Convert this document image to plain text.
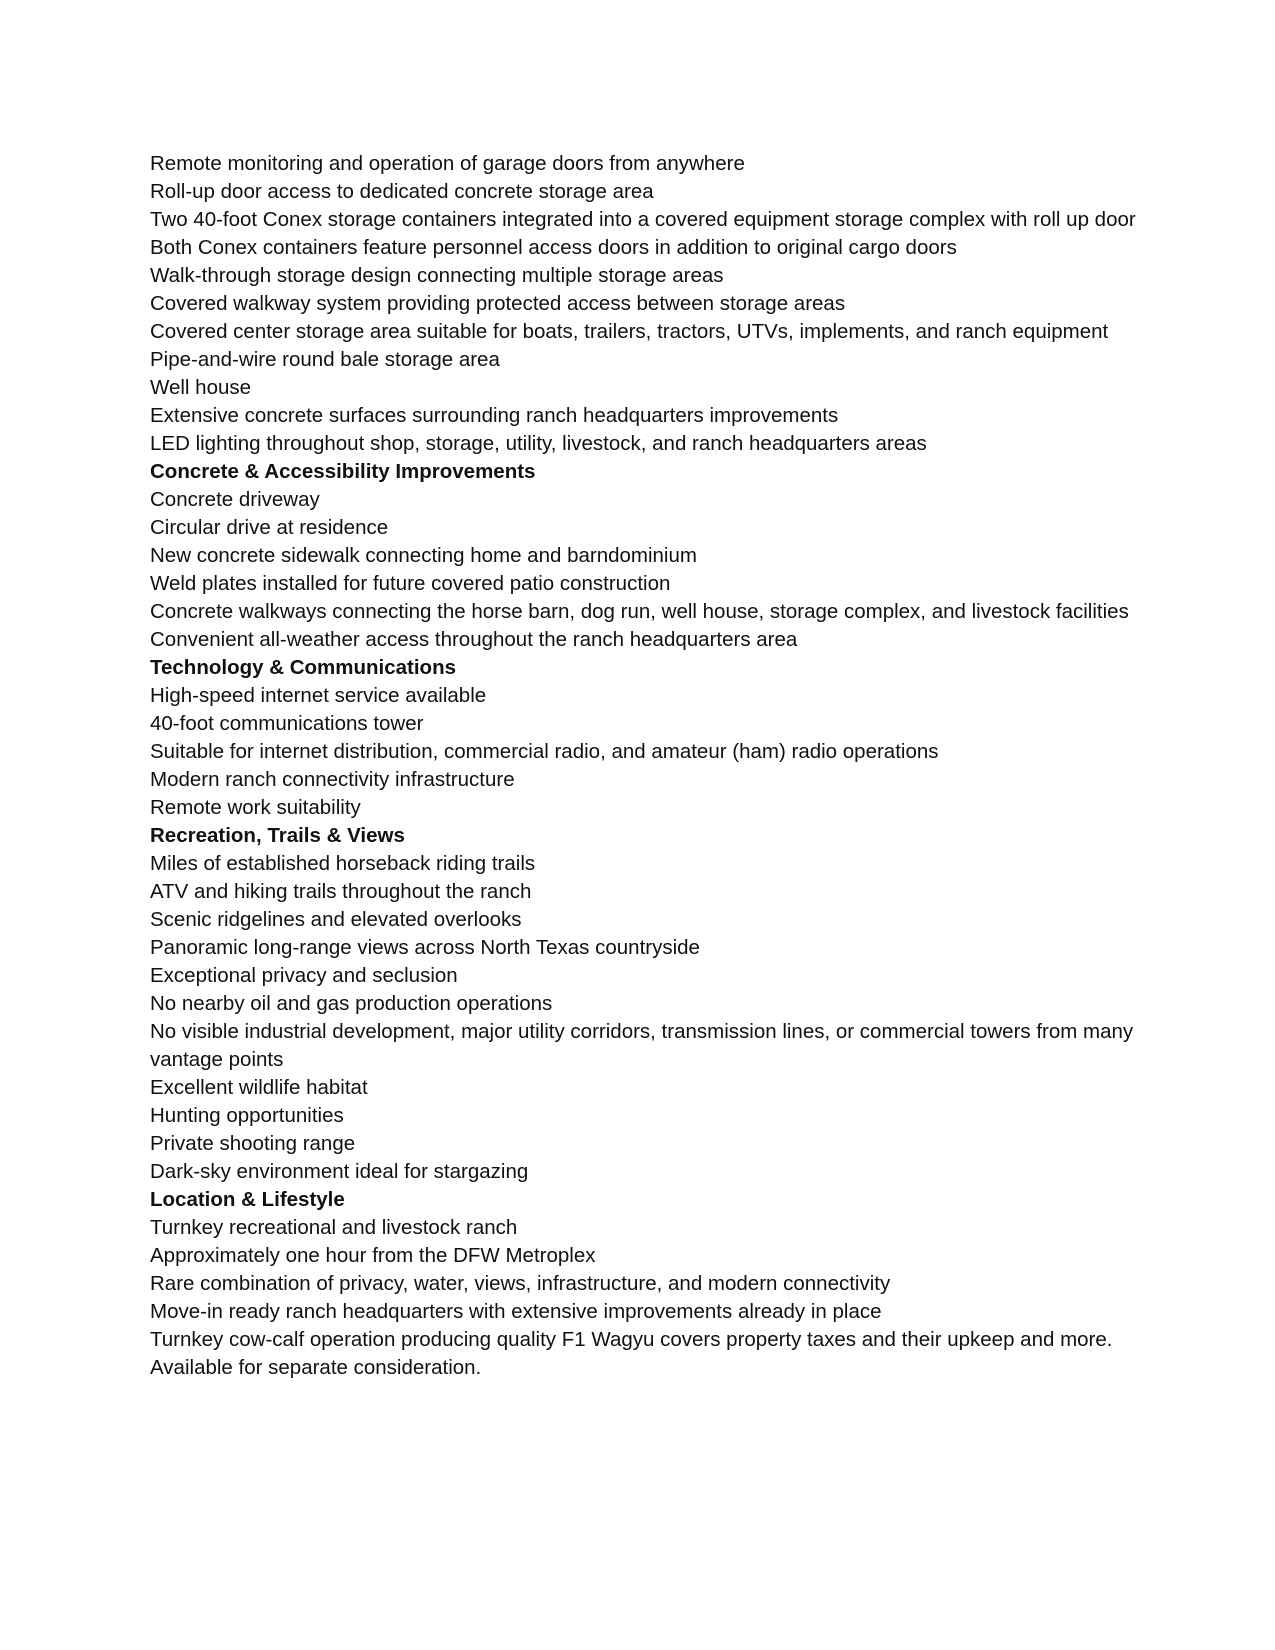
Remote monitoring and operation of garage doors from anywhere

Roll-up door access to dedicated concrete storage area

Two 40-foot Conex storage containers integrated into a covered equipment storage complex with roll up door

Both Conex containers feature personnel access doors in addition to original cargo doors

Walk-through storage design connecting multiple storage areas

Covered walkway system providing protected access between storage areas

Covered center storage area suitable for boats, trailers, tractors, UTVs, implements, and ranch equipment

Pipe-and-wire round bale storage area

Well house

Extensive concrete surfaces surrounding ranch headquarters improvements

LED lighting throughout shop, storage, utility, livestock, and ranch headquarters areas

Concrete & Accessibility Improvements

Concrete driveway

Circular drive at residence

New concrete sidewalk connecting home and barndominium

Weld plates installed for future covered patio construction

Concrete walkways connecting the horse barn, dog run, well house, storage complex, and livestock facilities

Convenient all-weather access throughout the ranch headquarters area

Technology & Communications

High-speed internet service available

40-foot communications tower

Suitable for internet distribution, commercial radio, and amateur (ham) radio operations

Modern ranch connectivity infrastructure

Remote work suitability

Recreation, Trails & Views

Miles of established horseback riding trails

ATV and hiking trails throughout the ranch

Scenic ridgelines and elevated overlooks

Panoramic long-range views across North Texas countryside

Exceptional privacy and seclusion

No nearby oil and gas production operations

No visible industrial development, major utility corridors, transmission lines, or commercial towers from many vantage points

Excellent wildlife habitat

Hunting opportunities

Private shooting range

Dark-sky environment ideal for stargazing

Location & Lifestyle

Turnkey recreational and livestock ranch

Approximately one hour from the DFW Metroplex

Rare combination of privacy, water, views, infrastructure, and modern connectivity

Move-in ready ranch headquarters with extensive improvements already in place

Turnkey cow-calf operation producing quality F1 Wagyu covers property taxes and their upkeep and more. Available for separate consideration.
